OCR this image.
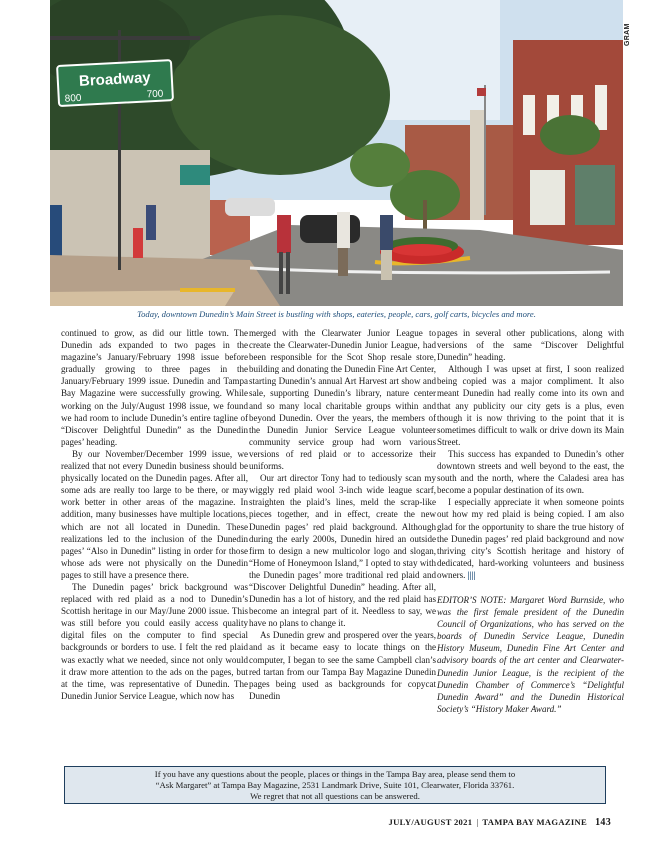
Broadway
800	700
GRAM
Today, downtown Dunedin’s Main Street is bustling with shops, eateries, people, cars, golf carts, bicycles and more.

continued to grow, as did our little town. The Dunedin ads expanded to two pages in the magazine’s January/February 1998 issue before gradually growing to three pages in the January/February 1999 issue. Dunedin and Tampa Bay Magazine were successfully growing. While working on the July/August 1998 issue, we found we had room to include Dunedin’s entire tagline of “Discover Delightful Dunedin” as the Dunedin pages’ heading.

By our November/December 1999 issue, we realized that not every Dunedin business should be physically located on the Dunedin pages. After all, some ads are really too large to be there, or may work better in other areas of the magazine. In addition, many businesses have multiple locations, which are not all located in Dunedin. These realizations led to the inclusion of the Dunedin pages’ “Also in Dunedin” listing in order for those whose ads were not physically on the Dunedin pages to still have a presence there.

The Dunedin pages’ brick background was replaced with red plaid as a nod to Dunedin’s Scottish heritage in our May/June 2000 issue. This was still before you could easily access quality digital files on the computer to find special backgrounds or borders to use. I felt the red plaid was exactly what we needed, since not only would it draw more attention to the ads on the pages, but at the time, was representative of Dunedin. The Dunedin Junior Service League, which now has

merged with the Clearwater Junior League to create the Clearwater-Dunedin Junior League, had been responsible for the Scot Shop resale store, building and donating the Dunedin Fine Art Center, starting Dunedin’s annual Art Harvest art show and sale, supporting Dunedin’s library, nature center and so many local charitable groups within and beyond Dunedin. Over the years, the members of the Dunedin Junior Service League volunteer community service group had worn various versions of red plaid or to accessorize their uniforms.

Our art director Tony had to tediously scan my wiggly red plaid wool 3-inch wide league scarf, straighten the plaid’s lines, meld the scrap-like pieces together, and in effect, create the new Dunedin pages’ red plaid background. Although during the early 2000s, Dunedin hired an outside firm to design a new multicolor logo and slogan, “Home of Honeymoon Island,” I opted to stay with the Dunedin pages’ more traditional red plaid and “Discover Delightful Dunedin” heading. After all, Dunedin has a lot of history, and the red plaid has become an integral part of it. Needless to say, we have no plans to change it.

As Dunedin grew and prospered over the years, and as it became easy to locate things on the computer, I began to see the same Campbell clan’s red tartan from our Tampa Bay Magazine Dunedin pages being used as backgrounds for copycat Dunedin

pages in several other publications, along with versions of the same “Discover Delightful Dunedin” heading.

Although I was upset at first, I soon realized being copied was a major compliment. It also meant Dunedin had really come into its own and that any publicity our city gets is a plus, even though it is now thriving to the point that it is sometimes difficult to walk or drive down its Main Street.

This success has expanded to Dunedin’s other downtown streets and well beyond to the east, the south and the north, where the Caladesi area has become a popular destination of its own.

I especially appreciate it when someone points out how my red plaid is being copied. I am also glad for the opportunity to share the true history of the Dunedin pages’ red plaid background and now thriving city’s Scottish heritage and history of dedicated, hard-working volunteers and business owners. ||||

EDITOR’S NOTE: Margaret Word Burnside, who was the first female president of the Dunedin Council of Organizations, who has served on the boards of Dunedin Service League, Dunedin History Museum, Dunedin Fine Art Center and advisory boards of the art center and Clearwater-Dunedin Junior League, is the recipient of the Dunedin Chamber of Commerce’s “Delightful Dunedin Award” and the Dunedin Historical Society’s “History Maker Award.”

If you have any questions about the people, places or things in the Tampa Bay area, please send them to
“Ask Margaret” at Tampa Bay Magazine, 2531 Landmark Drive, Suite 101, Clearwater, Florida 33761.
We regret that not all questions can be answered.
JULY/AUGUST 2021 | TAMPA BAY MAGAZINE 143
